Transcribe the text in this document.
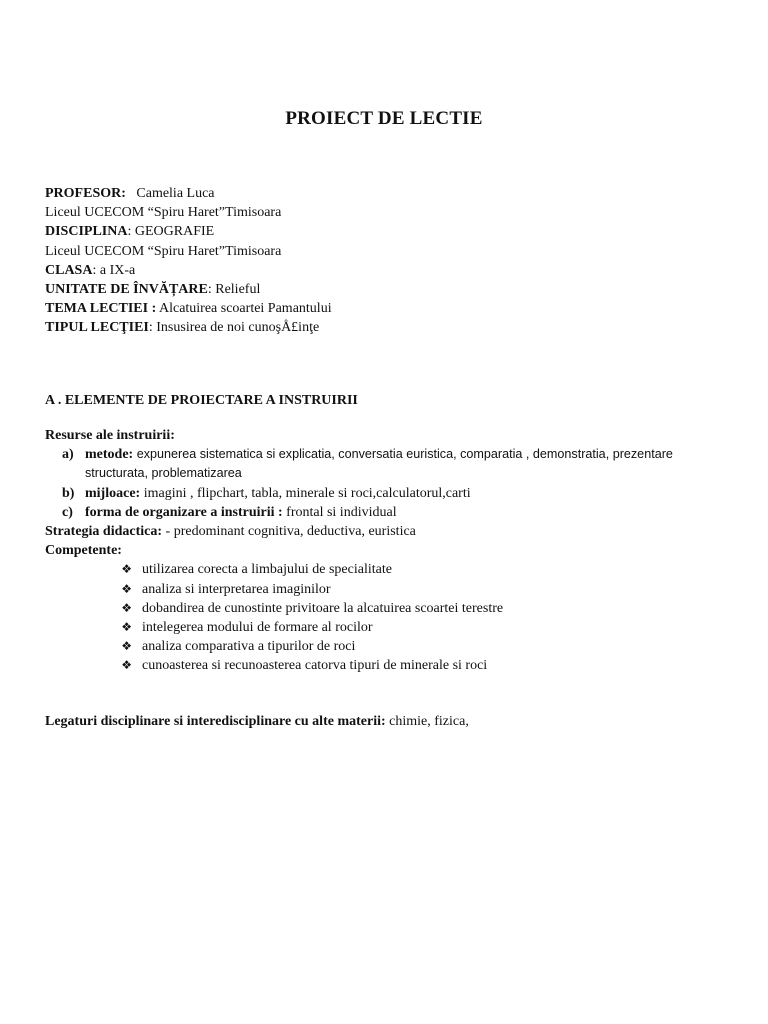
PROIECT DE LECTIE
PROFESOR: Camelia Luca
Liceul UCECOM “Spiru Haret”Timisoara
DISCIPLINA: GEOGRAFIE
Liceul UCECOM “Spiru Haret”Timisoara
CLASA: a IX-a
UNITATE DE ÎNVĂȚARE: Relieful
TEMA LECTIEI : Alcatuirea scoartei Pamantului
TIPUL LECŢIEI: Insusirea de noi cunoşÅ£inţe
A . ELEMENTE DE PROIECTARE A INSTRUIRII
Resurse ale instruirii:
a) metode: expunerea sistematica si explicatia, conversatia euristica, comparatia , demonstratia, prezentare structurata, problematizarea
b) mijloace: imagini , flipchart, tabla, minerale si roci,calculatorul,carti
c) forma de organizare a instruirii : frontal si individual
Strategia didactica: - predominant cognitiva, deductiva, euristica
Competente:
❖ utilizarea corecta a limbajului de specialitate
❖ analiza si interpretarea imaginilor
❖ dobandirea de cunostinte privitoare la alcatuirea scoartei terestre
❖ intelegerea modului de formare al rocilor
❖ analiza comparativa a tipurilor de roci
❖ cunoasterea si recunoasterea catorva tipuri de minerale si roci
Legaturi disciplinare si interedisciplinare cu alte materii: chimie, fizica,
